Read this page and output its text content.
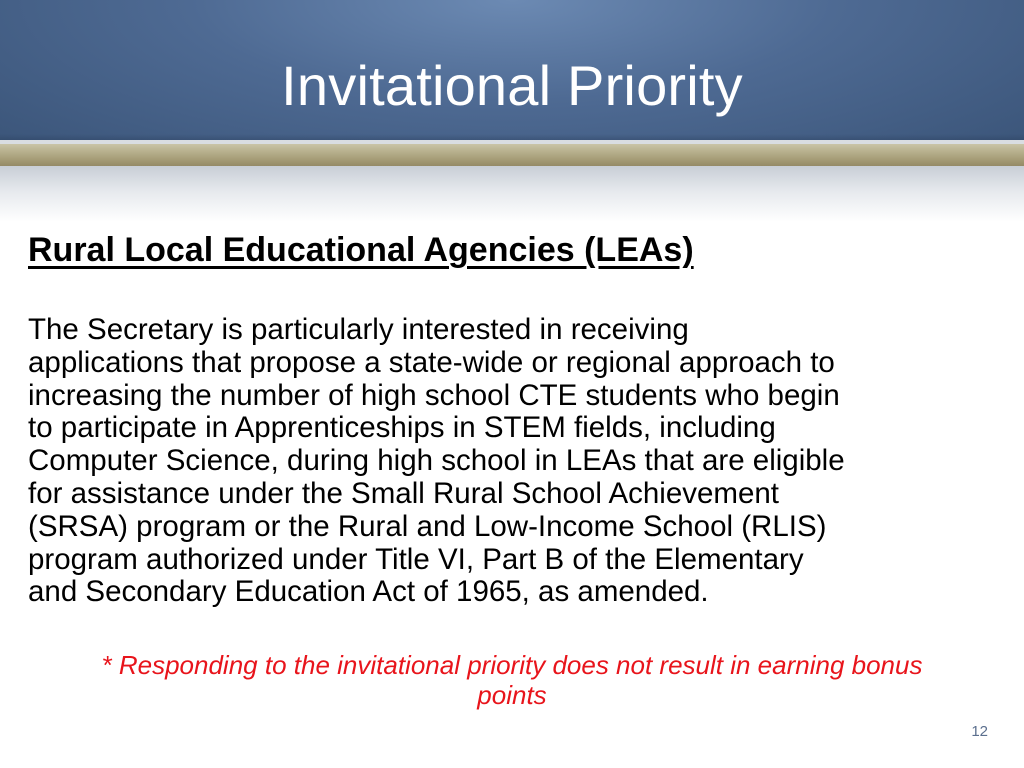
Invitational Priority
Rural Local Educational Agencies (LEAs)

The Secretary is particularly interested in receiving
applications that propose a state-wide or regional approach to
increasing the number of high school CTE students who begin
to participate in Apprenticeships in STEM fields, including
Computer Science, during high school in LEAs that are eligible
for assistance under the Small Rural School Achievement
(SRSA) program or the Rural and Low-Income School (RLIS)
program authorized under Title VI, Part B of the Elementary
and Secondary Education Act of 1965, as amended.

* Responding to the invitational priority does not result in earning bonus
points

12
